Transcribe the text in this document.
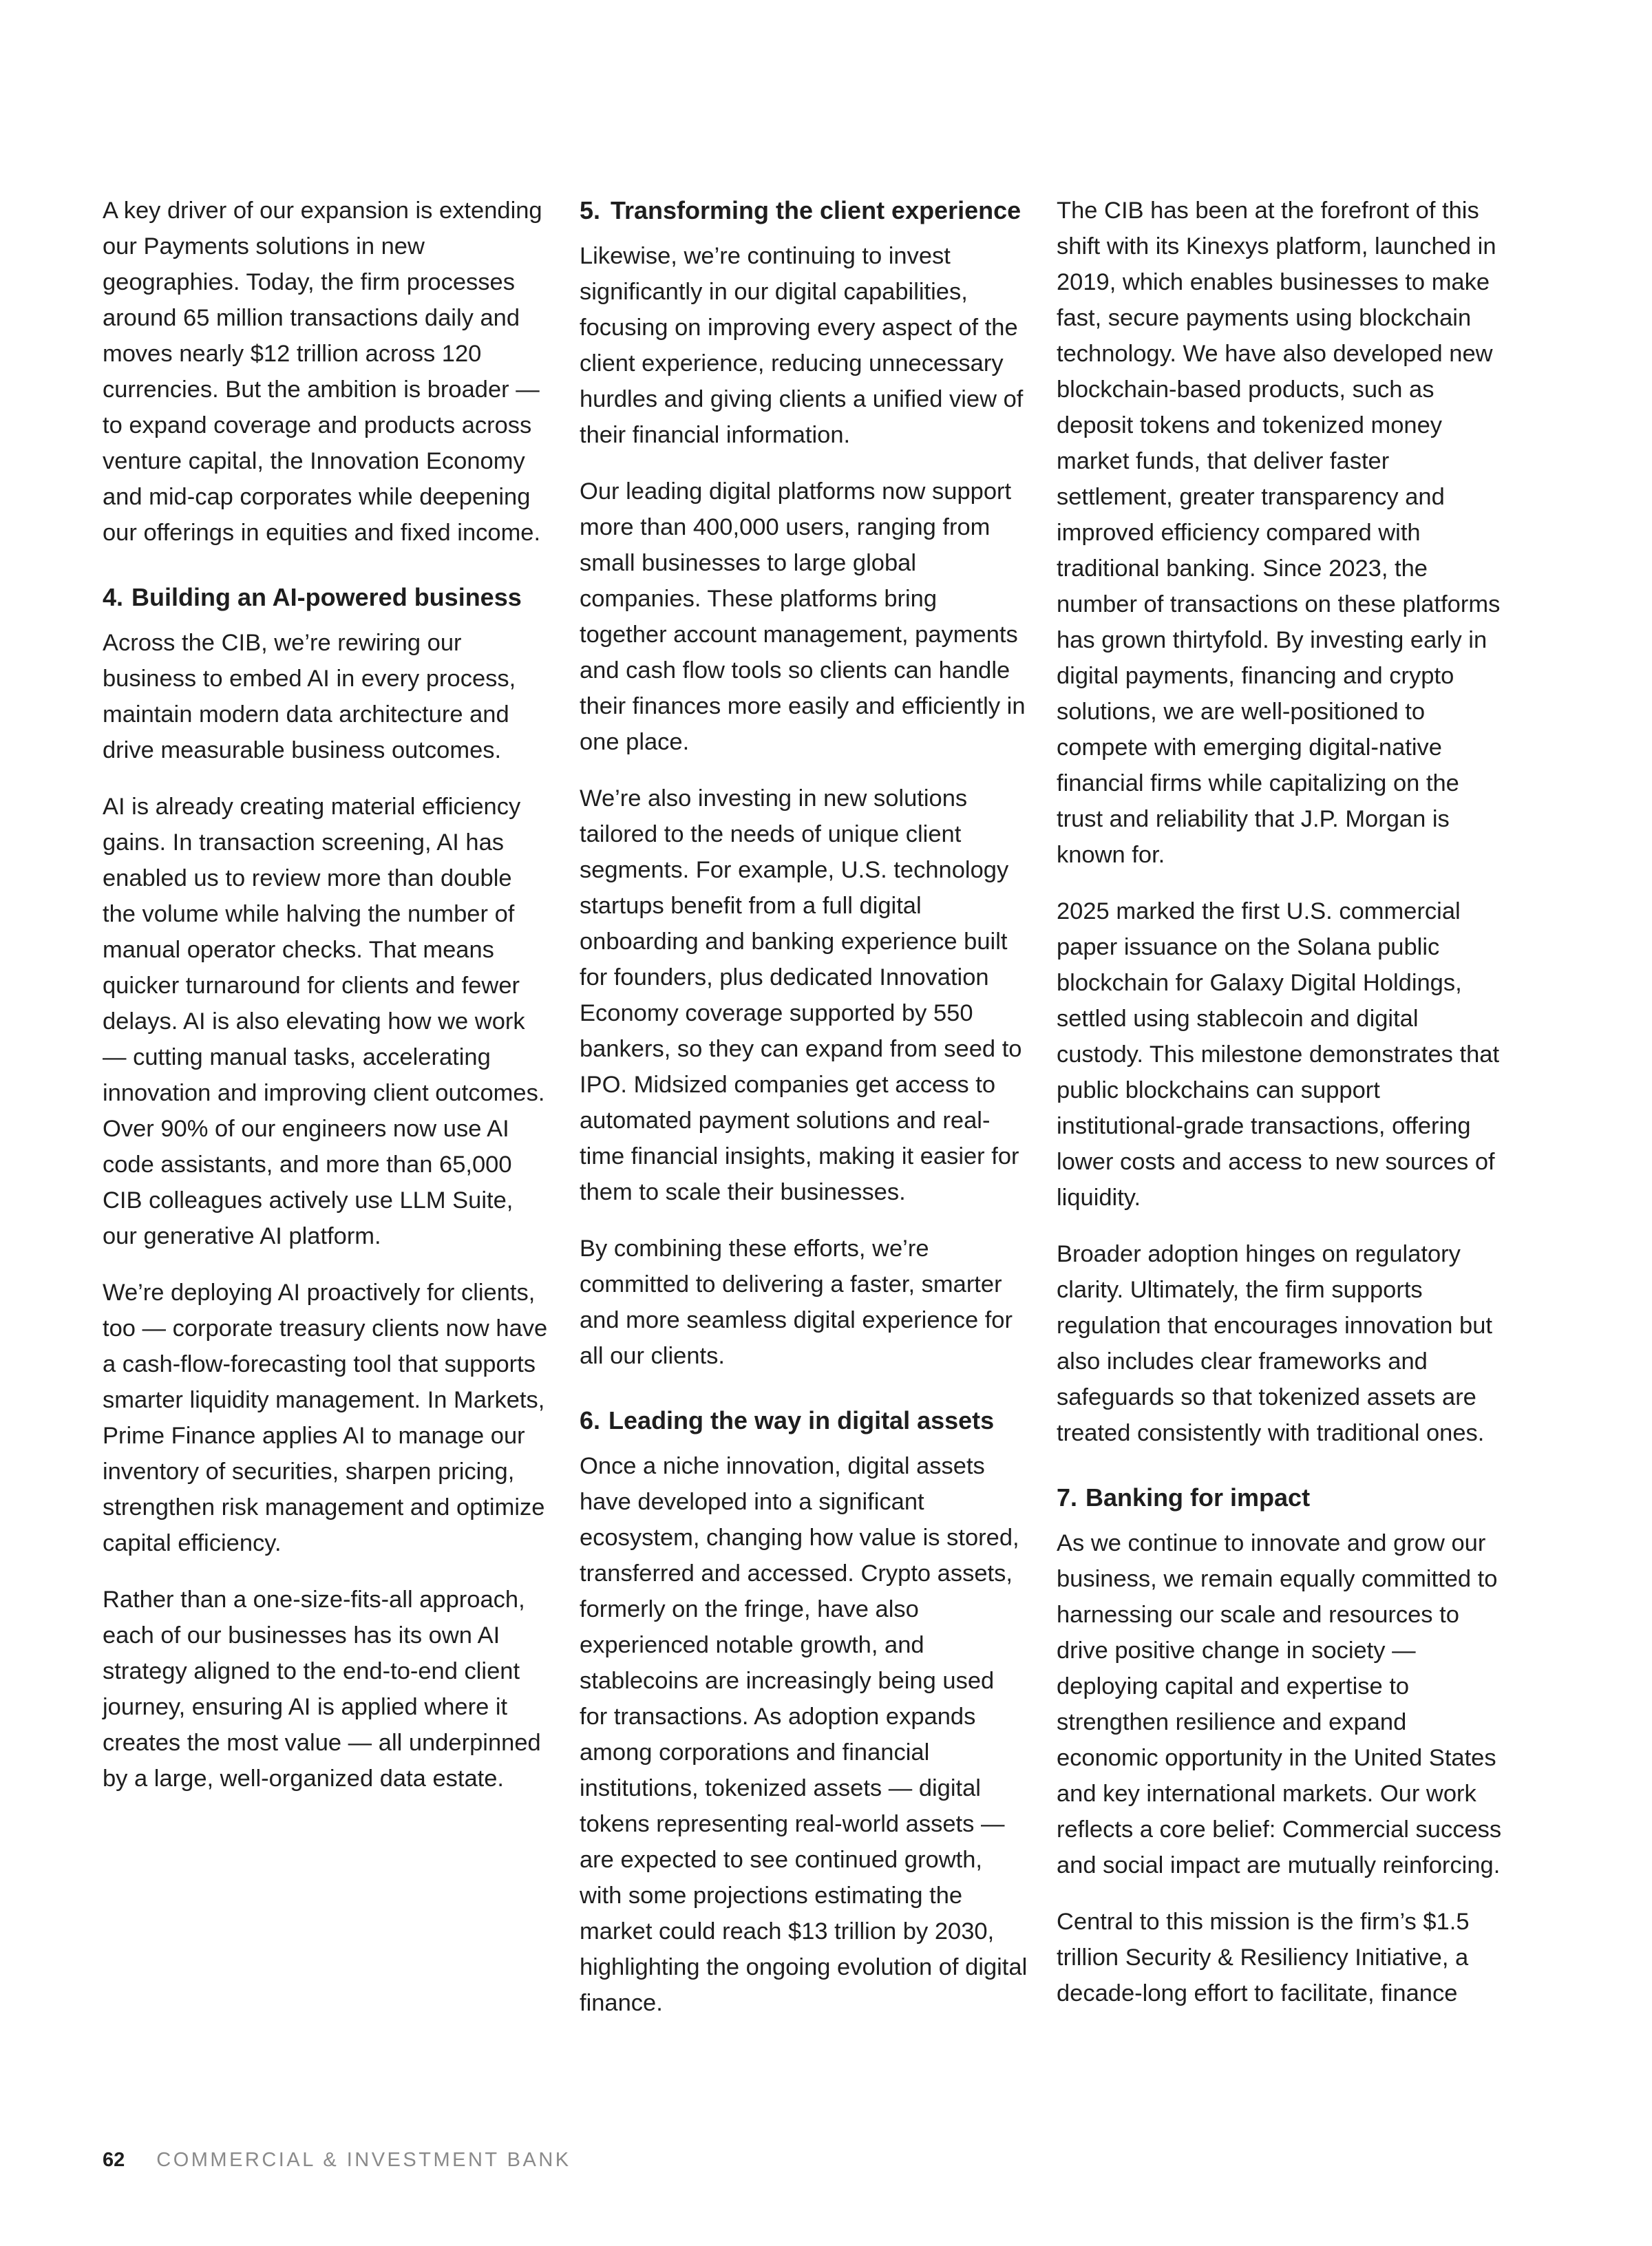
A key driver of our expansion is extending our Payments solutions in new geographies. Today, the firm processes around 65 million transactions daily and moves nearly $12 trillion across 120 currencies. But the ambition is broader — to expand coverage and products across venture capital, the Innovation Economy and mid-cap corporates while deepening our offerings in equities and fixed income.

4. Building an AI-powered business

Across the CIB, we’re rewiring our business to embed AI in every process, maintain modern data architecture and drive measurable business outcomes.

AI is already creating material efficiency gains. In transaction screening, AI has enabled us to review more than double the volume while halving the number of manual operator checks. That means quicker turnaround for clients and fewer delays. AI is also elevating how we work — cutting manual tasks, accelerating innovation and improving client outcomes. Over 90% of our engineers now use AI code assistants, and more than 65,000 CIB colleagues actively use LLM Suite, our generative AI platform.

We’re deploying AI proactively for clients, too — corporate treasury clients now have a cash-flow-forecasting tool that supports smarter liquidity management. In Markets, Prime Finance applies AI to manage our inventory of securities, sharpen pricing, strengthen risk management and optimize capital efficiency.

Rather than a one-size-fits-all approach, each of our businesses has its own AI strategy aligned to the end-to-end client journey, ensuring AI is applied where it creates the most value — all underpinned by a large, well-organized data estate.

5. Transforming the client experience

Likewise, we’re continuing to invest significantly in our digital capabilities, focusing on improving every aspect of the client experience, reducing unnecessary hurdles and giving clients a unified view of their financial information.

Our leading digital platforms now support more than 400,000 users, ranging from small businesses to large global companies. These platforms bring together account management, payments and cash flow tools so clients can handle their finances more easily and efficiently in one place.

We’re also investing in new solutions tailored to the needs of unique client segments. For example, U.S. technology startups benefit from a full digital onboarding and banking experience built for founders, plus dedicated Innovation Economy coverage supported by 550 bankers, so they can expand from seed to IPO. Midsized companies get access to automated payment solutions and real-time financial insights, making it easier for them to scale their businesses.

By combining these efforts, we’re committed to delivering a faster, smarter and more seamless digital experience for all our clients.

6. Leading the way in digital assets

Once a niche innovation, digital assets have developed into a significant ecosystem, changing how value is stored, transferred and accessed. Crypto assets, formerly on the fringe, have also experienced notable growth, and stablecoins are increasingly being used for transactions. As adoption expands among corporations and financial institutions, tokenized assets — digital tokens representing real-world assets — are expected to see continued growth, with some projections estimating the market could reach $13 trillion by 2030, highlighting the ongoing evolution of digital finance.

The CIB has been at the forefront of this shift with its Kinexys platform, launched in 2019, which enables businesses to make fast, secure payments using blockchain technology. We have also developed new blockchain-based products, such as deposit tokens and tokenized money market funds, that deliver faster settlement, greater transparency and improved efficiency compared with traditional banking. Since 2023, the number of transactions on these platforms has grown thirtyfold. By investing early in digital payments, financing and crypto solutions, we are well-positioned to compete with emerging digital-native financial firms while capitalizing on the trust and reliability that J.P. Morgan is known for.

2025 marked the first U.S. commercial paper issuance on the Solana public blockchain for Galaxy Digital Holdings, settled using stablecoin and digital custody. This milestone demonstrates that public blockchains can support institutional-grade transactions, offering lower costs and access to new sources of liquidity.

Broader adoption hinges on regulatory clarity. Ultimately, the firm supports regulation that encourages innovation but also includes clear frameworks and safeguards so that tokenized assets are treated consistently with traditional ones.

7. Banking for impact

As we continue to innovate and grow our business, we remain equally committed to harnessing our scale and resources to drive positive change in society — deploying capital and expertise to strengthen resilience and expand economic opportunity in the United States and key international markets. Our work reflects a core belief: Commercial success and social impact are mutually reinforcing.

Central to this mission is the firm’s $1.5 trillion Security & Resiliency Initiative, a decade-long effort to facilitate, finance

62 COMMERCIAL & INVESTMENT BANK
